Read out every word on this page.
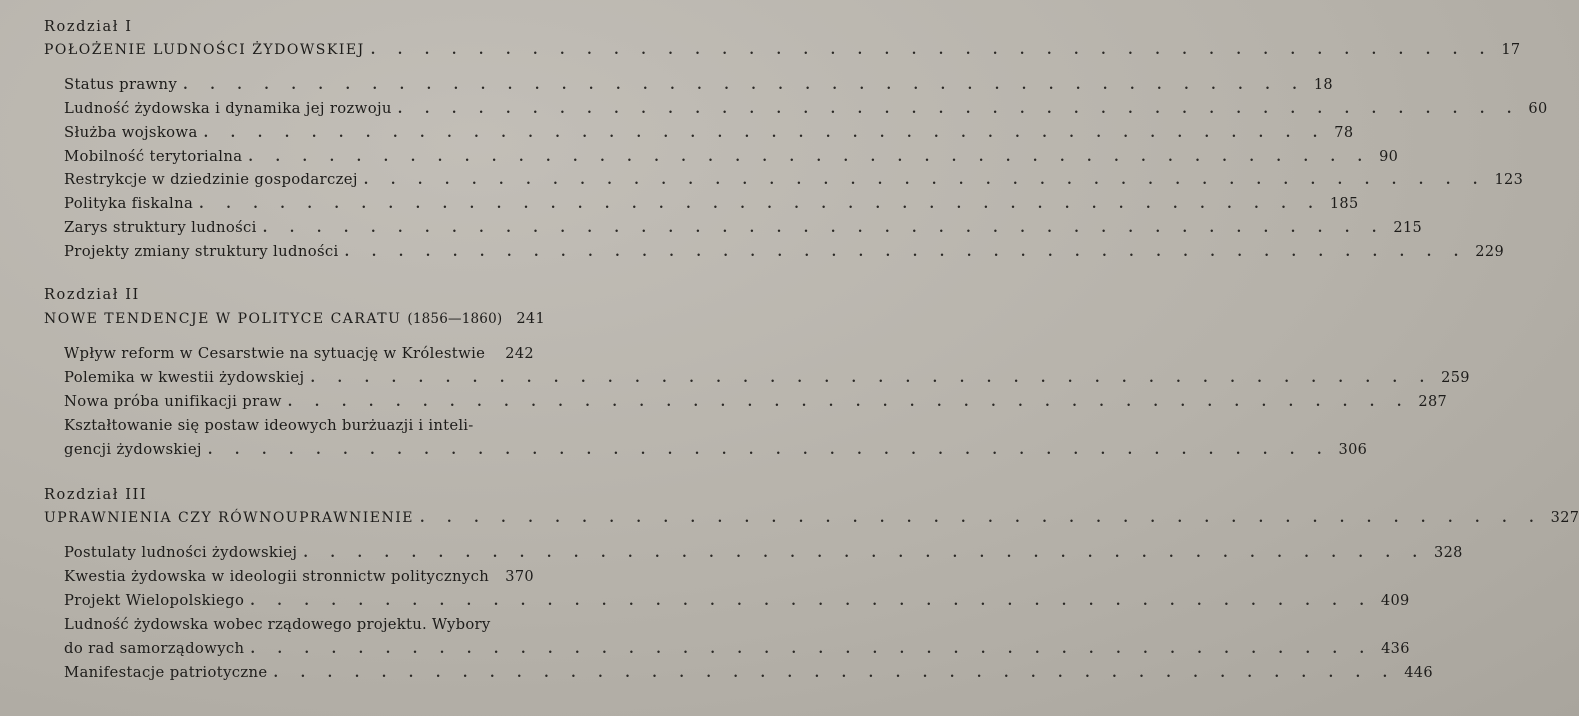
Rozdział I
POŁOŻENIE LUDNOŚCI ŻYDOWSKIEJ . . . . . . . . . . . . . . . . . . . . . . . . . . . . . . . . . . . . . . . . . . 17
Status prawny . . . . . . . . . . . . . . . . . . . . . . . . . . . . . . . . . . . . . . . . . . 18
Ludność żydowska i dynamika jej rozwoju . . . . . . . . . . . . . . . . . . . . . . . . . . . . . . . . . . . . . . . . . . 60
Służba wojskowa . . . . . . . . . . . . . . . . . . . . . . . . . . . . . . . . . . . . . . . . . . 78
Mobilność terytorialna . . . . . . . . . . . . . . . . . . . . . . . . . . . . . . . . . . . . . . . . . . 90
Restrykcje w dziedzinie gospodarczej . . . . . . . . . . . . . . . . . . . . . . . . . . . . . . . . . . . . . . . . . . 123
Polityka fiskalna . . . . . . . . . . . . . . . . . . . . . . . . . . . . . . . . . . . . . . . . . . 185
Zarys struktury ludności . . . . . . . . . . . . . . . . . . . . . . . . . . . . . . . . . . . . . . . . . . 215
Projekty zmiany struktury ludności . . . . . . . . . . . . . . . . . . . . . . . . . . . . . . . . . . . . . . . . . . 229
Rozdział II
NOWE TENDENCJE W POLITYCE CARATU (1856—1860) 241
Wpływ reform w Cesarstwie na sytuację w Królestwie 242
Polemika w kwestii żydowskiej . . . . . . . . . . . . . . . . . . . . . . . . . . . . . . . . . . . . . . . . . . 259
Nowa próba unifikacji praw . . . . . . . . . . . . . . . . . . . . . . . . . . . . . . . . . . . . . . . . . . 287
Kształtowanie się postaw ideowych burżuazji i inteli-
gencji żydowskiej . . . . . . . . . . . . . . . . . . . . . . . . . . . . . . . . . . . . . . . . . . 306
Rozdział III
UPRAWNIENIA CZY RÓWNOUPRAWNIENIE . . . . . . . . . . . . . . . . . . . . . . . . . . . . . . . . . . . . . . . . . . 327
Postulaty ludności żydowskiej . . . . . . . . . . . . . . . . . . . . . . . . . . . . . . . . . . . . . . . . . . 328
Kwestia żydowska w ideologii stronnictw politycznych 370
Projekt Wielopolskiego . . . . . . . . . . . . . . . . . . . . . . . . . . . . . . . . . . . . . . . . . . 409
Ludność żydowska wobec rządowego projektu. Wybory
do rad samorządowych . . . . . . . . . . . . . . . . . . . . . . . . . . . . . . . . . . . . . . . . . . 436
Manifestacje patriotyczne . . . . . . . . . . . . . . . . . . . . . . . . . . . . . . . . . . . . . . . . . . 446
